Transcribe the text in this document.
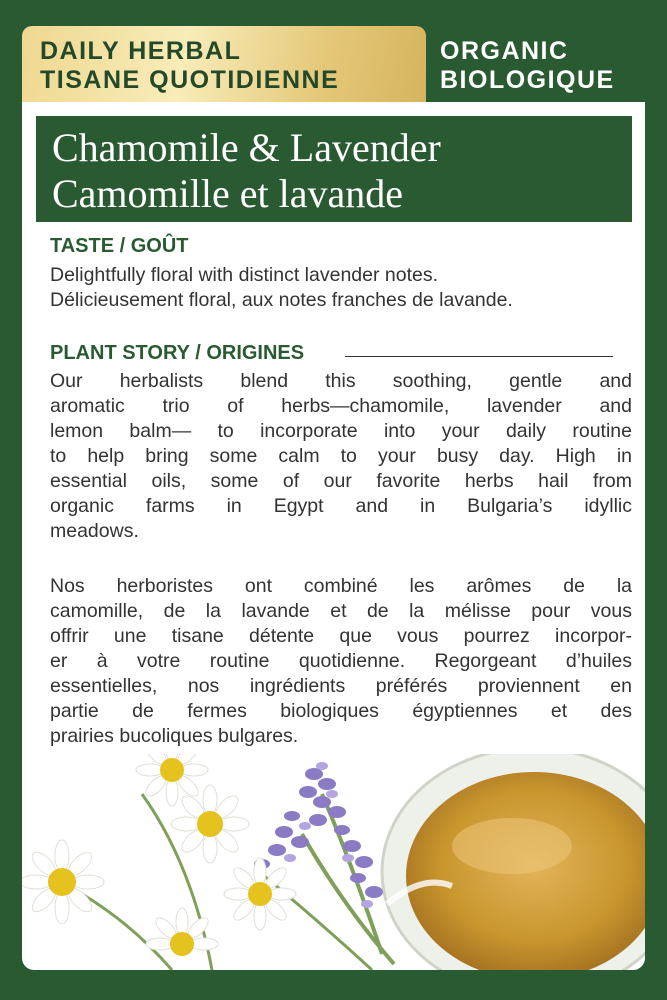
DAILY HERBAL
TISANE QUOTIDIENNE
ORGANIC
BIOLOGIQUE
Chamomile & Lavender
Camomille et lavande
TASTE / GOÛT
Delightfully floral with distinct lavender notes.
Délicieusement floral, aux notes franches de lavande.
PLANT STORY / ORIGINES
Our herbalists blend this soothing, gentle and
aromatic trio of herbs—chamomile, lavender and
lemon balm— to incorporate into your daily routine
to help bring some calm to your busy day. High in
essential oils, some of our favorite herbs hail from
organic farms in Egypt and in Bulgaria’s idyllic
meadows.
Nos herboristes ont combiné les arômes de la
camomille, de la lavande et de la mélisse pour vous
offrir une tisane détente que vous pourrez incorpor-
er à votre routine quotidienne. Regorgeant d’huiles
essentielles, nos ingrédients préférés proviennent en
partie de fermes biologiques égyptiennes et des
prairies bucoliques bulgares.
